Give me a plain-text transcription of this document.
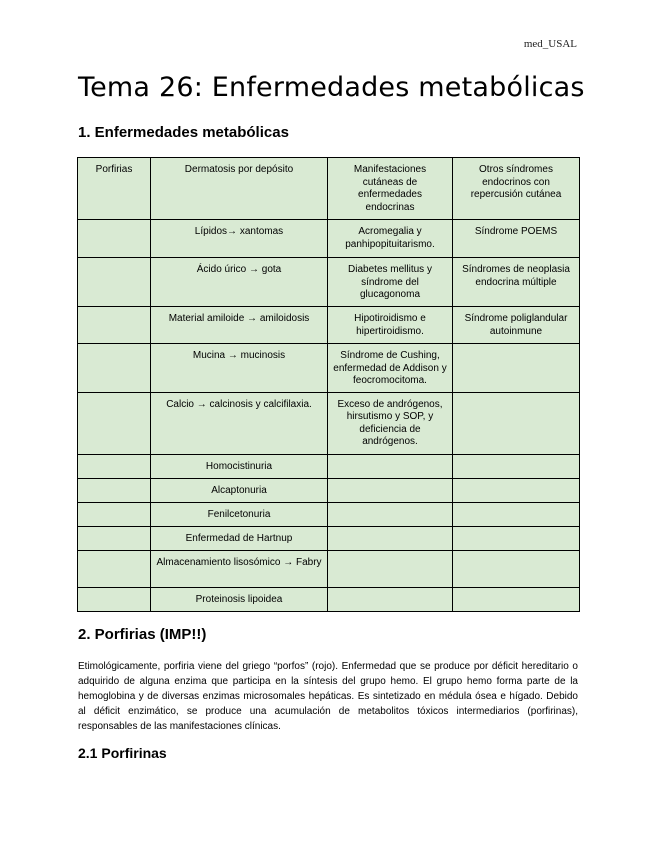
med_USAL
Tema 26: Enfermedades metabólicas
1. Enfermedades metabólicas
Porfirias	Dermatosis por depósito	Manifestaciones cutáneas de enfermedades endocrinas	Otros síndromes endocrinos con repercusión cutánea
	Lípidos→ xantomas	Acromegalia y panhipopituitarismo.	Síndrome POEMS
	Ácido úrico → gota	Diabetes mellitus y síndrome del glucagonoma	Síndromes de neoplasia endocrina múltiple
	Material amiloide → amiloidosis	Hipotiroidismo e hipertiroidismo.	Síndrome poliglandular autoinmune
	Mucina → mucinosis	Síndrome de Cushing, enfermedad de Addison y feocromocitoma.	
	Calcio → calcinosis y calcifilaxia.	Exceso de andrógenos, hirsutismo y SOP, y deficiencia de andrógenos.	
	Homocistinuria		
	Alcaptonuria		
	Fenilcetonuria		
	Enfermedad de Hartnup		
	Almacenamiento lisosómico → Fabry		
	Proteinosis lipoidea		
2. Porfirias (IMP!!)

Etimológicamente, porfiria viene del griego “porfos” (rojo). Enfermedad que se produce por déficit hereditario o adquirido de alguna enzima que participa en la síntesis del grupo hemo. El grupo hemo forma parte de la hemoglobina y de diversas enzimas microsomales hepáticas. Es sintetizado en médula ósea e hígado. Debido al déficit enzimático, se produce una acumulación de metabolitos tóxicos intermediarios (porfirinas), responsables de las manifestaciones clínicas.

2.1 Porfirinas
